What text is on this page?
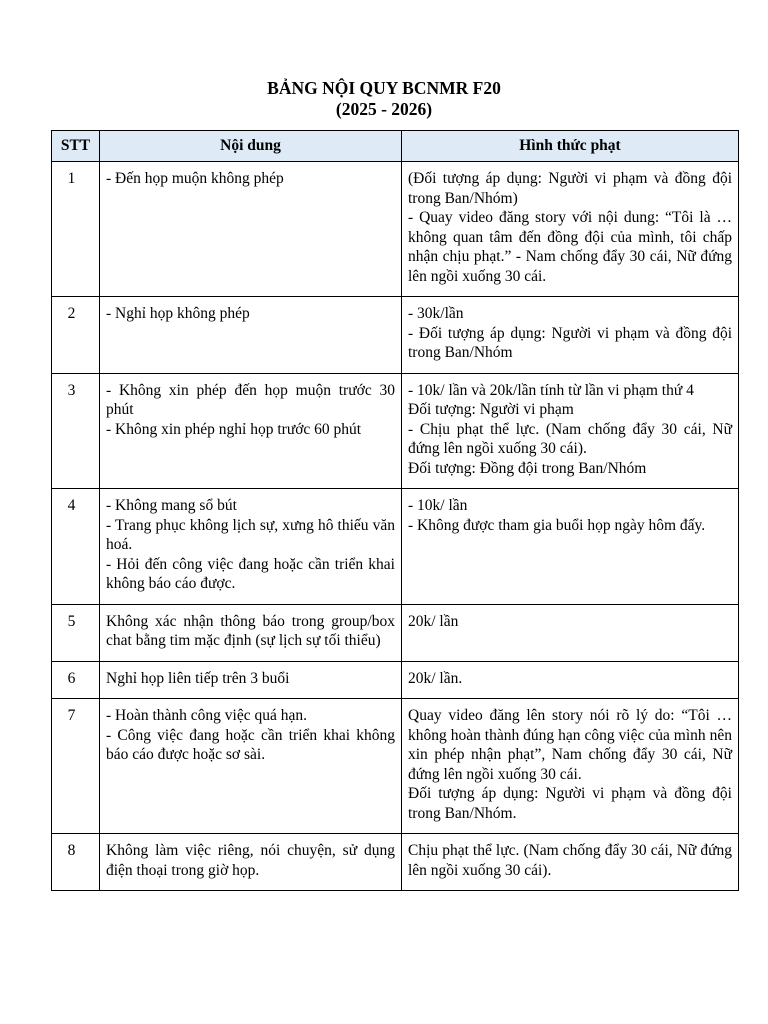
BẢNG NỘI QUY BCNMR F20
(2025 - 2026)
STT	Nội dung	Hình thức phạt
1	- Đến họp muộn không phép	(Đối tượng áp dụng: Người vi phạm và đồng đội trong Ban/Nhóm)
- Quay video đăng story với nội dung: “Tôi là … không quan tâm đến đồng đội của mình, tôi chấp nhận chịu phạt.” - Nam chống đẩy 30 cái, Nữ đứng lên ngồi xuống 30 cái.

2	- Nghỉ họp không phép	- 30k/lần
- Đối tượng áp dụng: Người vi phạm và đồng đội trong Ban/Nhóm

3	- Không xin phép đến họp muộn trước 30 phút
- Không xin phép nghỉ họp trước 60 phút	- 10k/ lần và 20k/lần tính từ lần vi phạm thứ 4
Đối tượng: Người vi phạm
- Chịu phạt thể lực. (Nam chống đẩy 30 cái, Nữ đứng lên ngồi xuống 30 cái).
Đối tượng: Đồng đội trong Ban/Nhóm

4	- Không mang sổ bút
- Trang phục không lịch sự, xưng hô thiếu văn hoá.
- Hỏi đến công việc đang hoặc cần triển khai không báo cáo được.	- 10k/ lần
- Không được tham gia buổi họp ngày hôm đấy.

5	Không xác nhận thông báo trong group/box chat bằng tim mặc định (sự lịch sự tối thiểu)	20k/ lần

6	Nghỉ họp liên tiếp trên 3 buổi	20k/ lần.

7	- Hoàn thành công việc quá hạn.
- Công việc đang hoặc cần triển khai không báo cáo được hoặc sơ sài.	Quay video đăng lên story nói rõ lý do: “Tôi … không hoàn thành đúng hạn công việc của mình nên xin phép nhận phạt”, Nam chống đẩy 30 cái, Nữ đứng lên ngồi xuống 30 cái.
Đối tượng áp dụng: Người vi phạm và đồng đội trong Ban/Nhóm.

8	Không làm việc riêng, nói chuyện, sử dụng điện thoại trong giờ họp.	Chịu phạt thể lực. (Nam chống đẩy 30 cái, Nữ đứng lên ngồi xuống 30 cái).
